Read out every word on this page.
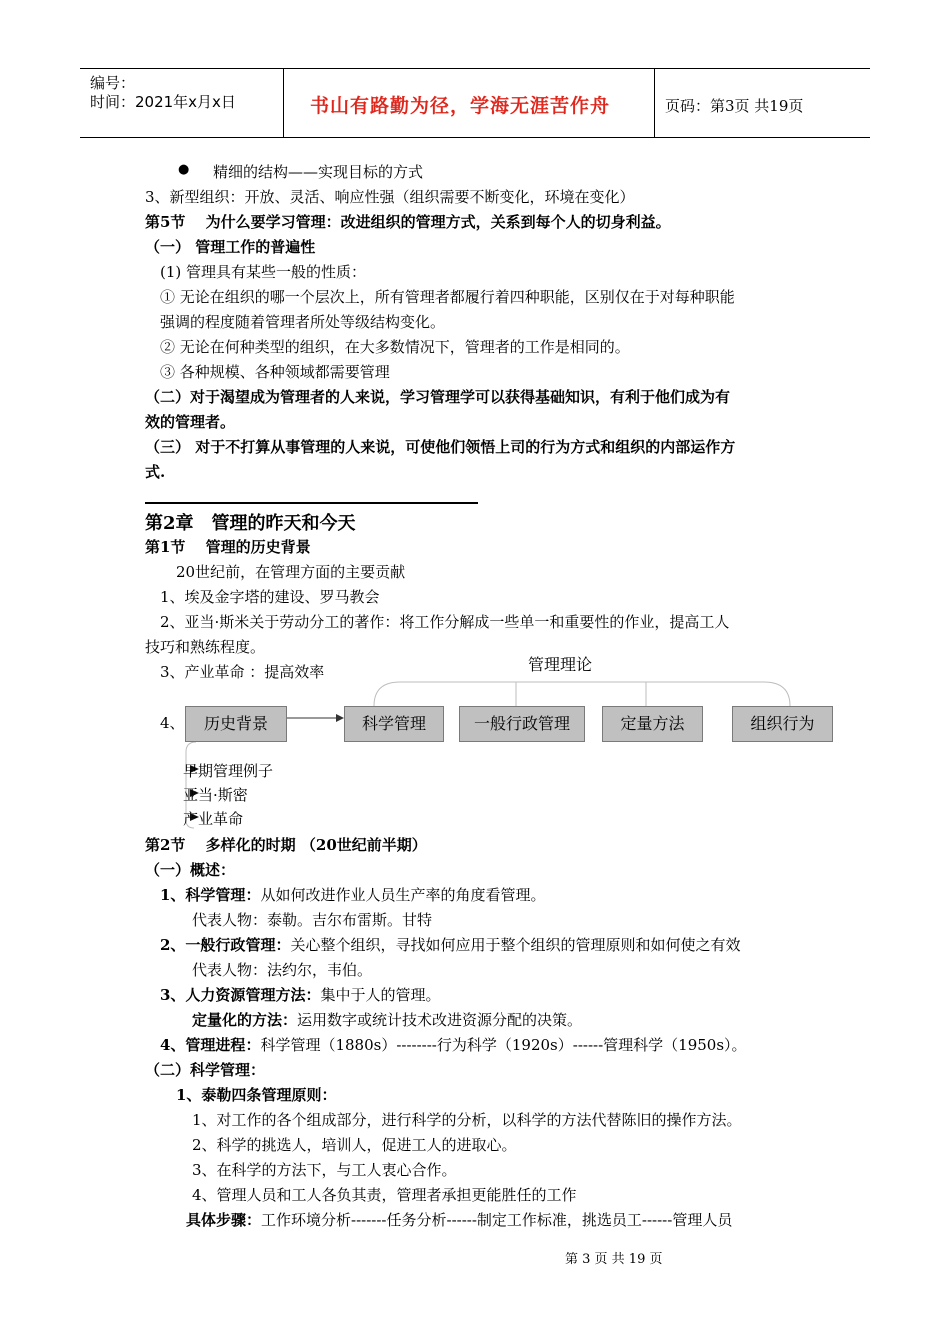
编号：
时间：2021年x月x日	书山有路勤为径，学海无涯苦作舟	页码：第3页 共19页
● 精细的结构——实现目标的方式
3、新型组织：开放、灵活、响应性强（组织需要不断变化，环境在变化）
第5节　 为什么要学习管理：改进组织的管理方式，关系到每个人的切身利益。
（一） 管理工作的普遍性
(1) 管理具有某些一般的性质：
① 无论在组织的哪一个层次上，所有管理者都履行着四种职能，区别仅在于对每种职能
强调的程度随着管理者所处等级结构变化。
② 无论在何种类型的组织，在大多数情况下，管理者的工作是相同的。
③ 各种规模、各种领域都需要管理
（二）对于渴望成为管理者的人来说，学习管理学可以获得基础知识，有利于他们成为有
效的管理者。
（三） 对于不打算从事管理的人来说，可使他们领悟上司的行为方式和组织的内部运作方
式.
第2章　管理的昨天和今天
第1节　 管理的历史背景
20世纪前，在管理方面的主要贡献
1、埃及金字塔的建设、罗马教会
2、亚当·斯米关于劳动分工的著作：将工作分解成一些单一和重要性的作业，提高工人
技巧和熟练程度。
3、产业革命 ：提高效率
4、
管理理论
历史背景	科学管理	一般行政管理	定量方法	组织行为
早期管理例子
亚当·斯密
产业革命
第2节　 多样化的时期 （20世纪前半期）
（一）概述：
1、科学管理：从如何改进作业人员生产率的角度看管理。
代表人物：泰勒。吉尔布雷斯。甘特
2、一般行政管理：关心整个组织，寻找如何应用于整个组织的管理原则和如何使之有效
代表人物：法约尔，韦伯。
3、人力资源管理方法：集中于人的管理。
定量化的方法：运用数字或统计技术改进资源分配的决策。
4、管理进程：科学管理（1880s）--------行为科学（1920s）------管理科学（1950s）。
（二）科学管理：
1、泰勒四条管理原则：
1、对工作的各个组成部分，进行科学的分析，以科学的方法代替陈旧的操作方法。
2、科学的挑选人，培训人，促进工人的进取心。
3、在科学的方法下，与工人衷心合作。
4、管理人员和工人各负其责，管理者承担更能胜任的工作
具体步骤：工作环境分析-------任务分析------制定工作标准，挑选员工------管理人员
第 3 页 共 19 页
